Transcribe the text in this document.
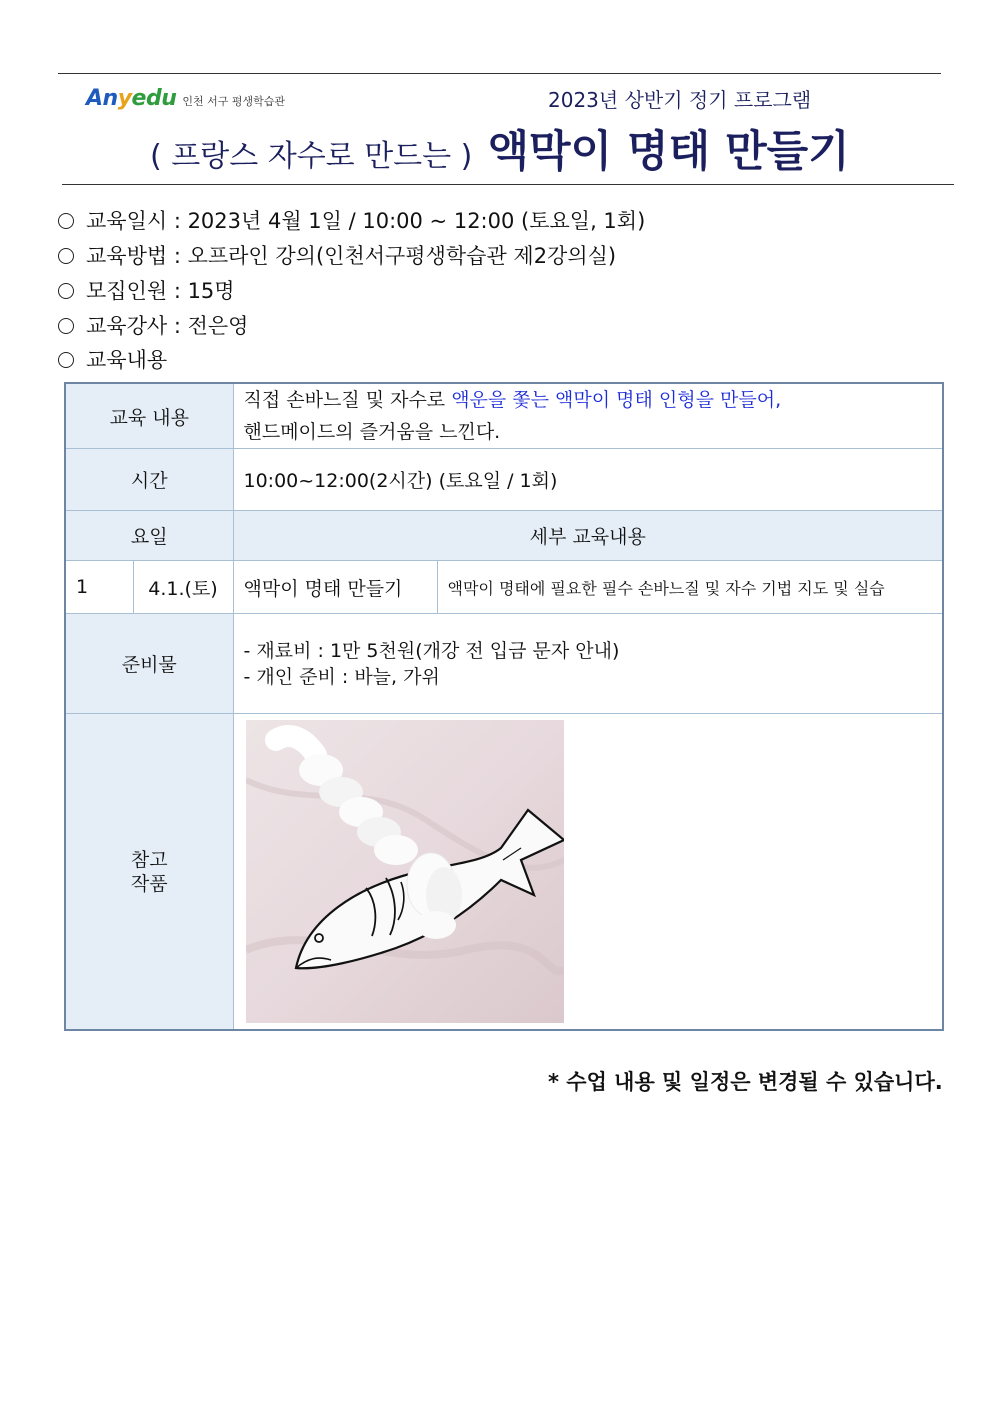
Anyedu 인천 서구 평생학습관	2023년 상반기 정기 프로그램
( 프랑스 자수로 만드는 ) 액막이 명태 만들기
교육일시 : 2023년 4월 1일 / 10:00 ~ 12:00 (토요일, 1회)
교육방법 : 오프라인 강의(인천서구평생학습관 제2강의실)
모집인원 : 15명
교육강사 : 전은영
교육내용
교육 내용		직접 손바느질 및 자수로 액운을 쫓는 액막이 명태 인형을 만들어,
핸드메이드의 즐거움을 느낀다.	
시간		10:00~12:00(2시간) (토요일 / 1회)	
요일		세부 교육내용	
1	4.1.(토)	액막이 명태 만들기	액막이 명태에 필요한 필수 손바느질 및 자수 기법 지도 및 실습
준비물		- 재료비 : 1만 5천원(개강 전 입금 문자 안내)
- 개인 준비 : 바늘, 가위	
참고
작품	
* 수업 내용 및 일정은 변경될 수 있습니다.
